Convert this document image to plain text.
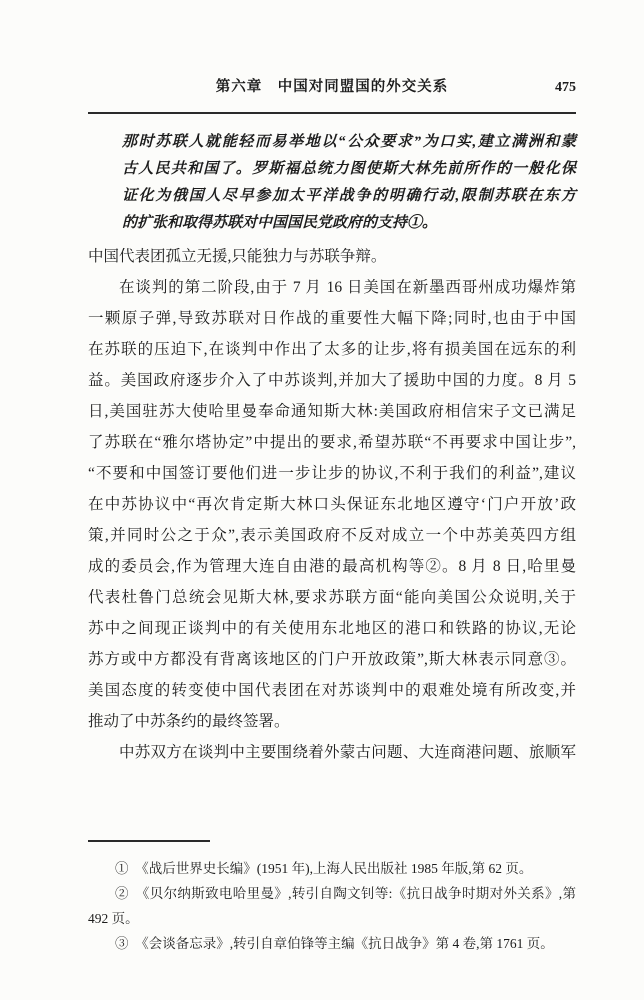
第六章　中国对同盟国的外交关系	475
那时苏联人就能轻而易举地以“公众要求”为口实,建立满洲和蒙
古人民共和国了。罗斯福总统力图使斯大林先前所作的一般化保
证化为俄国人尽早参加太平洋战争的明确行动,限制苏联在东方
的扩张和取得苏联对中国国民党政府的支持①。
中国代表团孤立无援,只能独力与苏联争辩。
在谈判的第二阶段,由于 7 月 16 日美国在新墨西哥州成功爆炸第
一颗原子弹,导致苏联对日作战的重要性大幅下降;同时,也由于中国
在苏联的压迫下,在谈判中作出了太多的让步,将有损美国在远东的利
益。美国政府逐步介入了中苏谈判,并加大了援助中国的力度。8 月 5
日,美国驻苏大使哈里曼奉命通知斯大林:美国政府相信宋子文已满足
了苏联在“雅尔塔协定”中提出的要求,希望苏联“不再要求中国让步”,
“不要和中国签订要他们进一步让步的协议,不利于我们的利益”,建议
在中苏协议中“再次肯定斯大林口头保证东北地区遵守‘门户开放’政
策,并同时公之于众”,表示美国政府不反对成立一个中苏美英四方组
成的委员会,作为管理大连自由港的最高机构等②。8 月 8 日,哈里曼
代表杜鲁门总统会见斯大林,要求苏联方面“能向美国公众说明,关于
苏中之间现正谈判中的有关使用东北地区的港口和铁路的协议,无论
苏方或中方都没有背离该地区的门户开放政策”,斯大林表示同意③。
美国态度的转变使中国代表团在对苏谈判中的艰难处境有所改变,并
推动了中苏条约的最终签署。
中苏双方在谈判中主要围绕着外蒙古问题、大连商港问题、旅顺军
①　《战后世界史长编》(1951 年),上海人民出版社 1985 年版,第 62 页。
②　《贝尔纳斯致电哈里曼》,转引自陶文钊等:《抗日战争时期对外关系》,第
492 页。
③　《会谈备忘录》,转引自章伯锋等主编《抗日战争》第 4 卷,第 1761 页。
